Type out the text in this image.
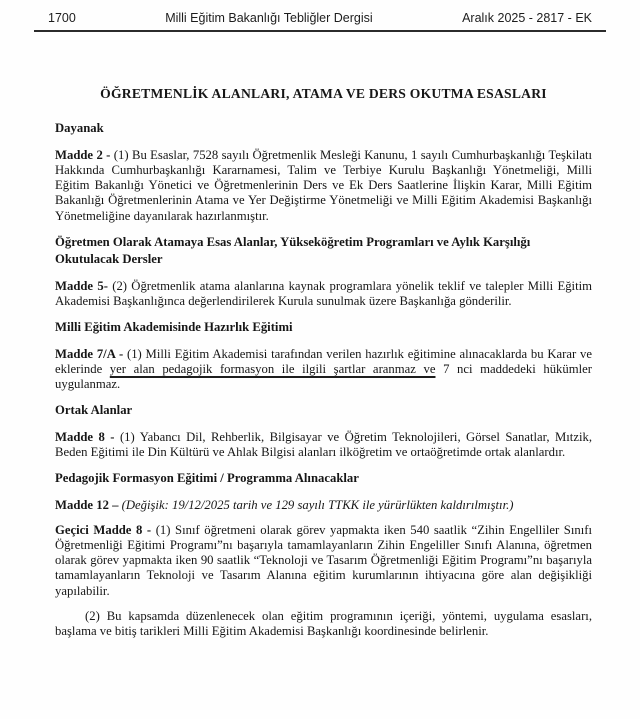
1700	Milli Eğitim Bakanlığı Tebliğler Dergisi	Aralık 2025 - 2817 - EK
ÖĞRETMENLİK ALANLARI, ATAMA VE DERS OKUTMA ESASLARI
Dayanak

Madde 2 - (1) Bu Esaslar, 7528 sayılı Öğretmenlik Mesleği Kanunu, 1 sayılı Cumhurbaşkanlığı Teşkilatı Hakkında Cumhurbaşkanlığı Kararnamesi, Talim ve Terbiye Kurulu Başkanlığı Yönetmeliği, Milli Eğitim Bakanlığı Yönetici ve Öğretmenlerinin Ders ve Ek Ders Saatlerine İlişkin Karar, Milli Eğitim Bakanlığı Öğretmenlerinin Atama ve Yer Değiştirme Yönetmeliği ve Milli Eğitim Akademisi Başkanlığı Yönetmeliğine dayanılarak hazırlanmıştır.

Öğretmen Olarak Atamaya Esas Alanlar, Yükseköğretim Programları ve Aylık Karşılığı Okutulacak Dersler

Madde 5- (2) Öğretmenlik atama alanlarına kaynak programlara yönelik teklif ve talepler Milli Eğitim Akademisi Başkanlığınca değerlendirilerek Kurula sunulmak üzere Başkanlığa gönderilir.

Milli Eğitim Akademisinde Hazırlık Eğitimi

Madde 7/A - (1) Milli Eğitim Akademisi tarafından verilen hazırlık eğitimine alınacaklarda bu Karar ve eklerinde yer alan pedagojik formasyon ile ilgili şartlar aranmaz ve 7 nci maddedeki hükümler uygulanmaz.

Ortak Alanlar

Madde 8 - (1) Yabancı Dil, Rehberlik, Bilgisayar ve Öğretim Teknolojileri, Görsel Sanatlar, Mıtzik, Beden Eğitimi ile Din Kültürü ve Ahlak Bilgisi alanları ilköğretim ve ortaöğretimde ortak alanlardır.

Pedagojik Formasyon Eğitimi / Programma Alınacaklar

Madde 12 – (Değişik: 19/12/2025 tarih ve 129 sayılı TTKK ile yürürlükten kaldırılmıştır.)

Geçici Madde 8 - (1) Sınıf öğretmeni olarak görev yapmakta iken 540 saatlik “Zihin Engelliler Sınıfı Öğretmenliği Eğitimi Programı”nı başarıyla tamamlayanların Zihin Engeliller Sınıfı Alanına, öğretmen olarak görev yapmakta iken 90 saatlik “Teknoloji ve Tasarım Öğretmenliği Eğitim Programı”nı başarıyla tamamlayanların Teknoloji ve Tasarım Alanına eğitim kurumlarının ihtiyacına göre alan değişikliği yapılabilir.

(2) Bu kapsamda düzenlenecek olan eğitim programının içeriği, yöntemi, uygulama esasları, başlama ve bitiş tarikleri Milli Eğitim Akademisi Başkanlığı koordinesinde belirlenir.
